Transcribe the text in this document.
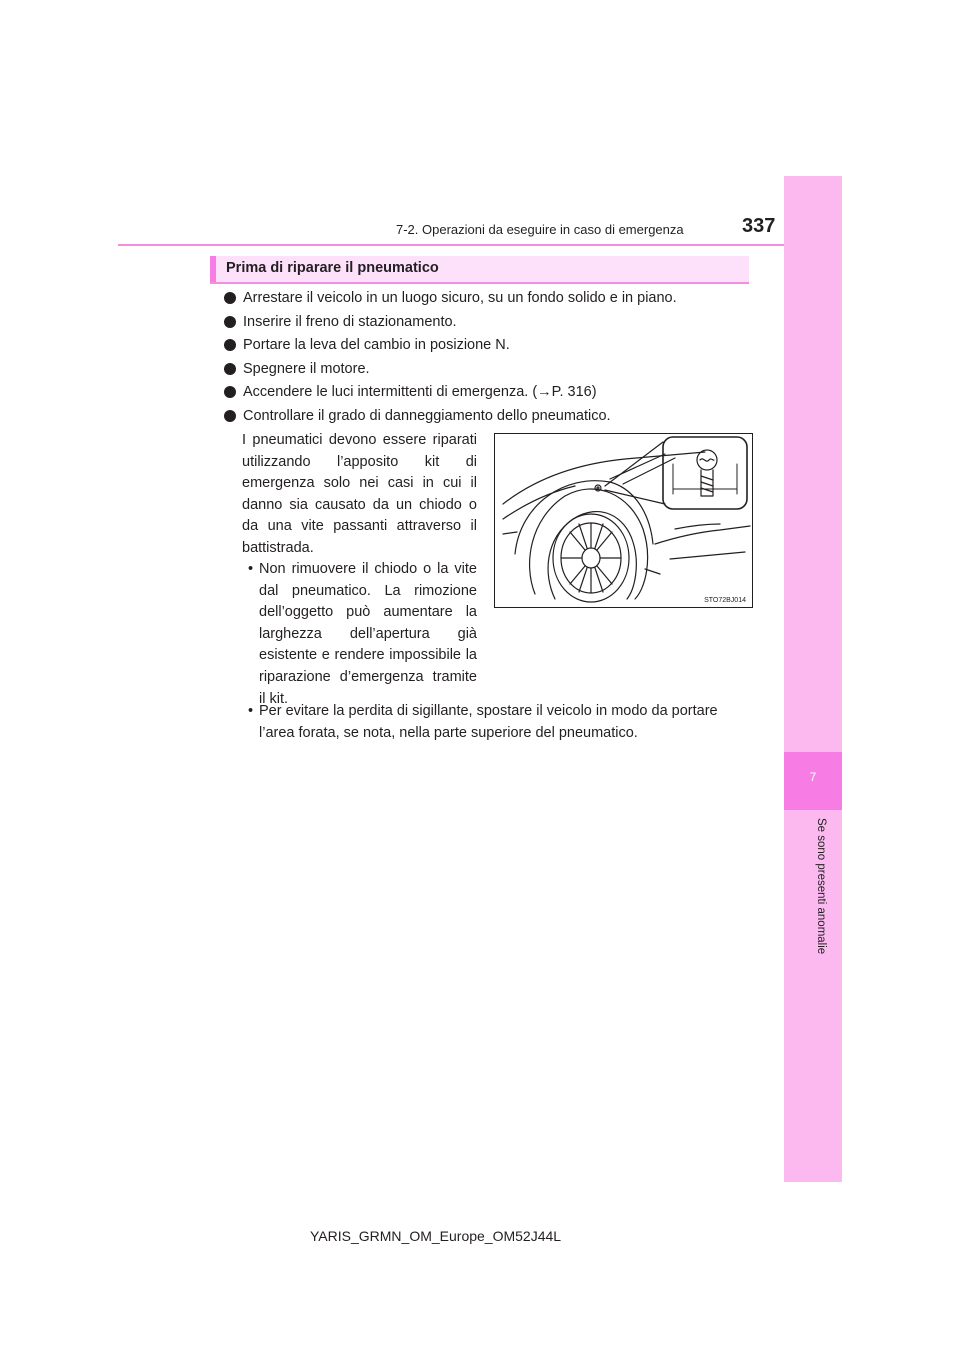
7
Se sono presenti anomalie
7-2. Operazioni da eseguire in caso di emergenza	337
Prima di riparare il pneumatico
Arrestare il veicolo in un luogo sicuro, su un fondo solido e in piano.
Inserire il freno di stazionamento.
Portare la leva del cambio in posizione N.
Spegnere il motore.
Accendere le luci intermittenti di emergenza. (→P. 316)
Controllare il grado di danneggiamento dello pneumatico.

I pneumatici devono essere riparati utilizzando l’apposito kit di emergenza solo nei casi in cui il danno sia causato da un chiodo o da una vite passanti attraverso il battistrada.

• Non rimuovere il chiodo o la vite dal pneumatico. La rimozione dell’oggetto può aumentare la larghezza dell’apertura già esistente e rendere impossibile la riparazione d’emergenza tramite il kit.
• Per evitare la perdita di sigillante, spostare il veicolo in modo da portare l’area forata, se nota, nella parte superiore del pneumatico.
STO72BJ014
YARIS_GRMN_OM_Europe_OM52J44L
